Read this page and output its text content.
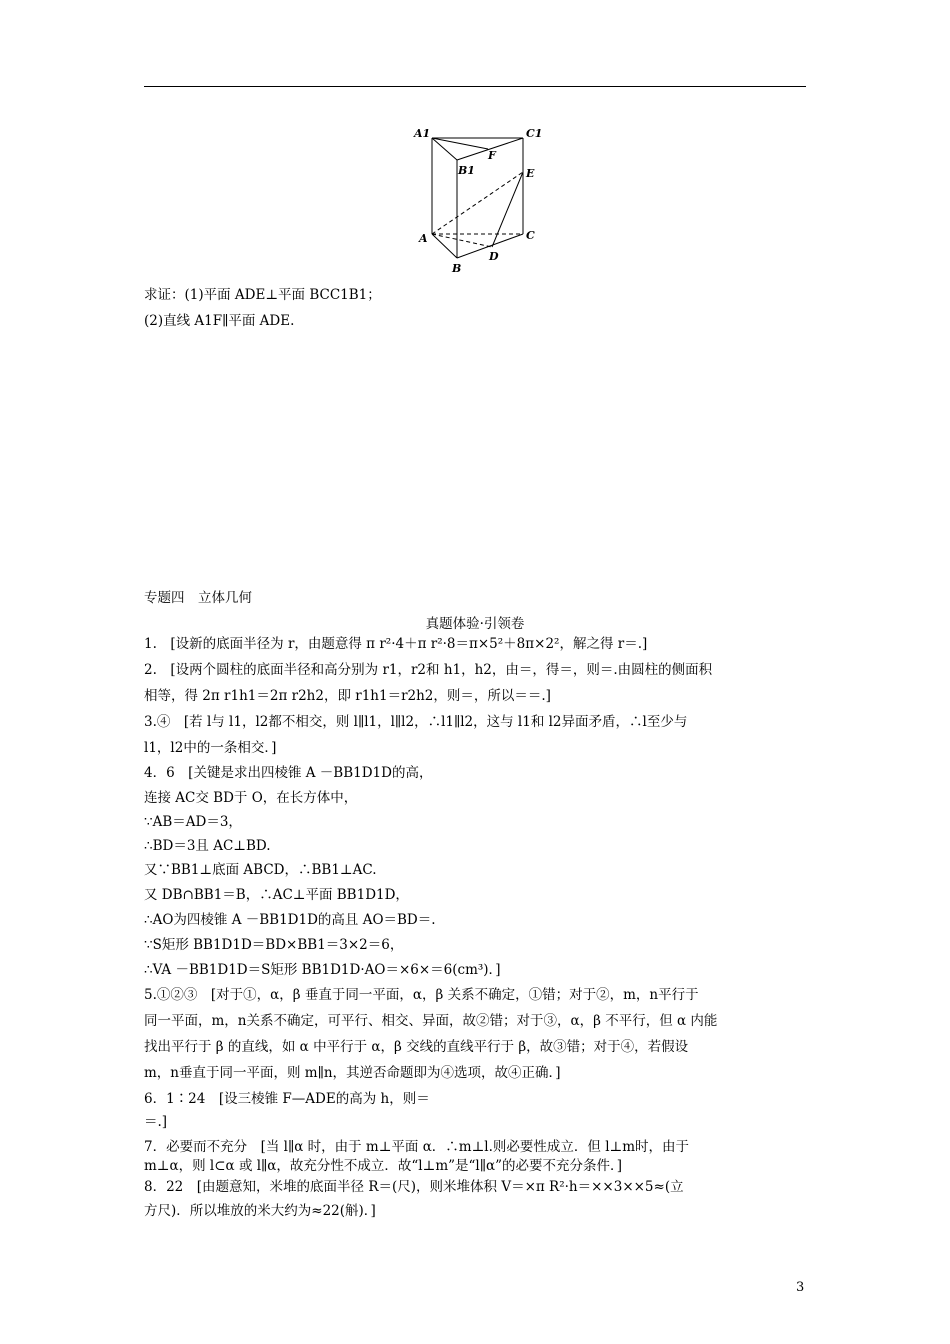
A1	C1
F
B1	E
A	C
B
D
求证：(1)平面 ADE⊥平面 BCC1B1；
(2)直线 A1F∥平面 ADE.
专题四　立体几何
真题体验·引领卷
1.　[设新的底面半径为 r，由题意得 π r²·4＋π r²·8＝π×5²＋8π×2²，解之得 r＝.]
2.　[设两个圆柱的底面半径和高分别为 r1，r2和 h1，h2，由＝，得＝，则＝.由圆柱的侧面积
相等，得 2π r1h1＝2π r2h2，即 r1h1＝r2h2，则＝，所以＝＝.]
3.④　[若 l与 l1，l2都不相交，则 l∥l1，l∥l2，∴l1∥l2，这与 l1和 l2异面矛盾，∴l至少与
l1，l2中的一条相交．]
4．6　[关键是求出四棱锥 A －BB1D1D的高，
连接 AC交 BD于 O，在长方体中，
∵AB＝AD＝3，
∴BD＝3且 AC⊥BD.
又∵BB1⊥底面 ABCD，∴BB1⊥AC.
又 DB∩BB1＝B，∴AC⊥平面 BB1D1D，
∴AO为四棱锥 A －BB1D1D的高且 AO＝BD＝.
∵S矩形 BB1D1D＝BD×BB1＝3×2＝6，
∴VA －BB1D1D＝S矩形 BB1D1D·AO＝×6×＝6(cm³)．]
5.①②③　[对于①，α，β 垂直于同一平面，α，β 关系不确定，①错；对于②，m，n平行于
同一平面，m，n关系不确定，可平行、相交、异面，故②错；对于③，α，β 不平行，但 α 内能
找出平行于 β 的直线，如 α 中平行于 α，β 交线的直线平行于 β，故③错；对于④，若假设
m，n垂直于同一平面，则 m∥n，其逆否命题即为④选项，故④正确．]
6．1∶24　[设三棱锥 F—ADE的高为 h，则＝
＝.]
7．必要而不充分　[当 l∥α 时，由于 m⊥平面 α．∴m⊥l.则必要性成立．但 l⊥m时，由于
m⊥α，则 l⊂α 或 l∥α，故充分性不成立．故“l⊥m”是“l∥α”的必要不充分条件．]
8．22　[由题意知，米堆的底面半径 R＝(尺)，则米堆体积 V＝×π R²·h＝××3××5≈(立
方尺)．所以堆放的米大约为≈22(斛)．]
3
